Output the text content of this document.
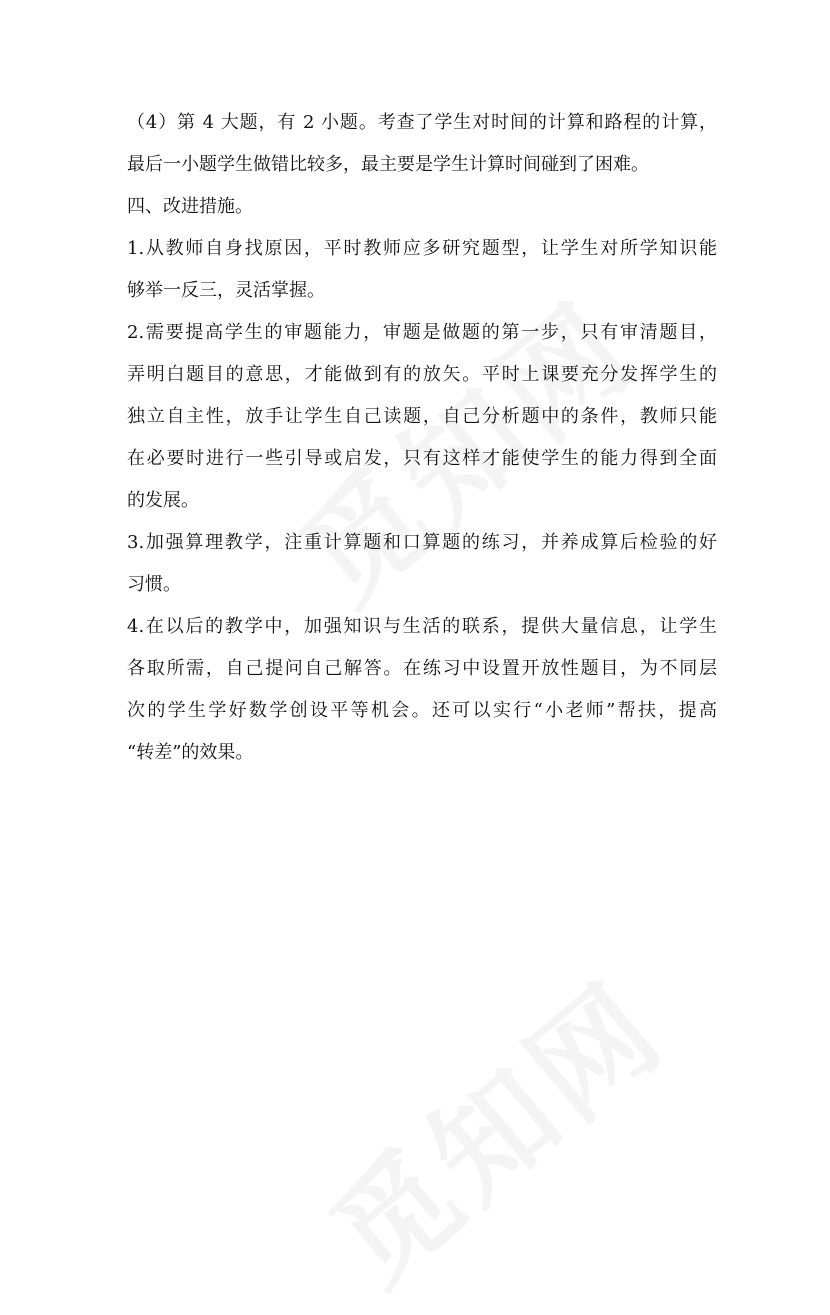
（4）第 4 大题，有 2 小题。考查了学生对时间的计算和路程的计算，
最后一小题学生做错比较多，最主要是学生计算时间碰到了困难。
四、改进措施。
1.从教师自身找原因，平时教师应多研究题型，让学生对所学知识能
够举一反三，灵活掌握。
2.需要提高学生的审题能力，审题是做题的第一步，只有审清题目，
弄明白题目的意思，才能做到有的放矢。平时上课要充分发挥学生的
独立自主性，放手让学生自己读题，自己分析题中的条件，教师只能
在必要时进行一些引导或启发，只有这样才能使学生的能力得到全面
的发展。
3.加强算理教学，注重计算题和口算题的练习，并养成算后检验的好
习惯。
4.在以后的教学中，加强知识与生活的联系，提供大量信息，让学生
各取所需，自己提问自己解答。在练习中设置开放性题目，为不同层
次的学生学好数学创设平等机会。还可以实行“小老师”帮扶，提高
“转差”的效果。
